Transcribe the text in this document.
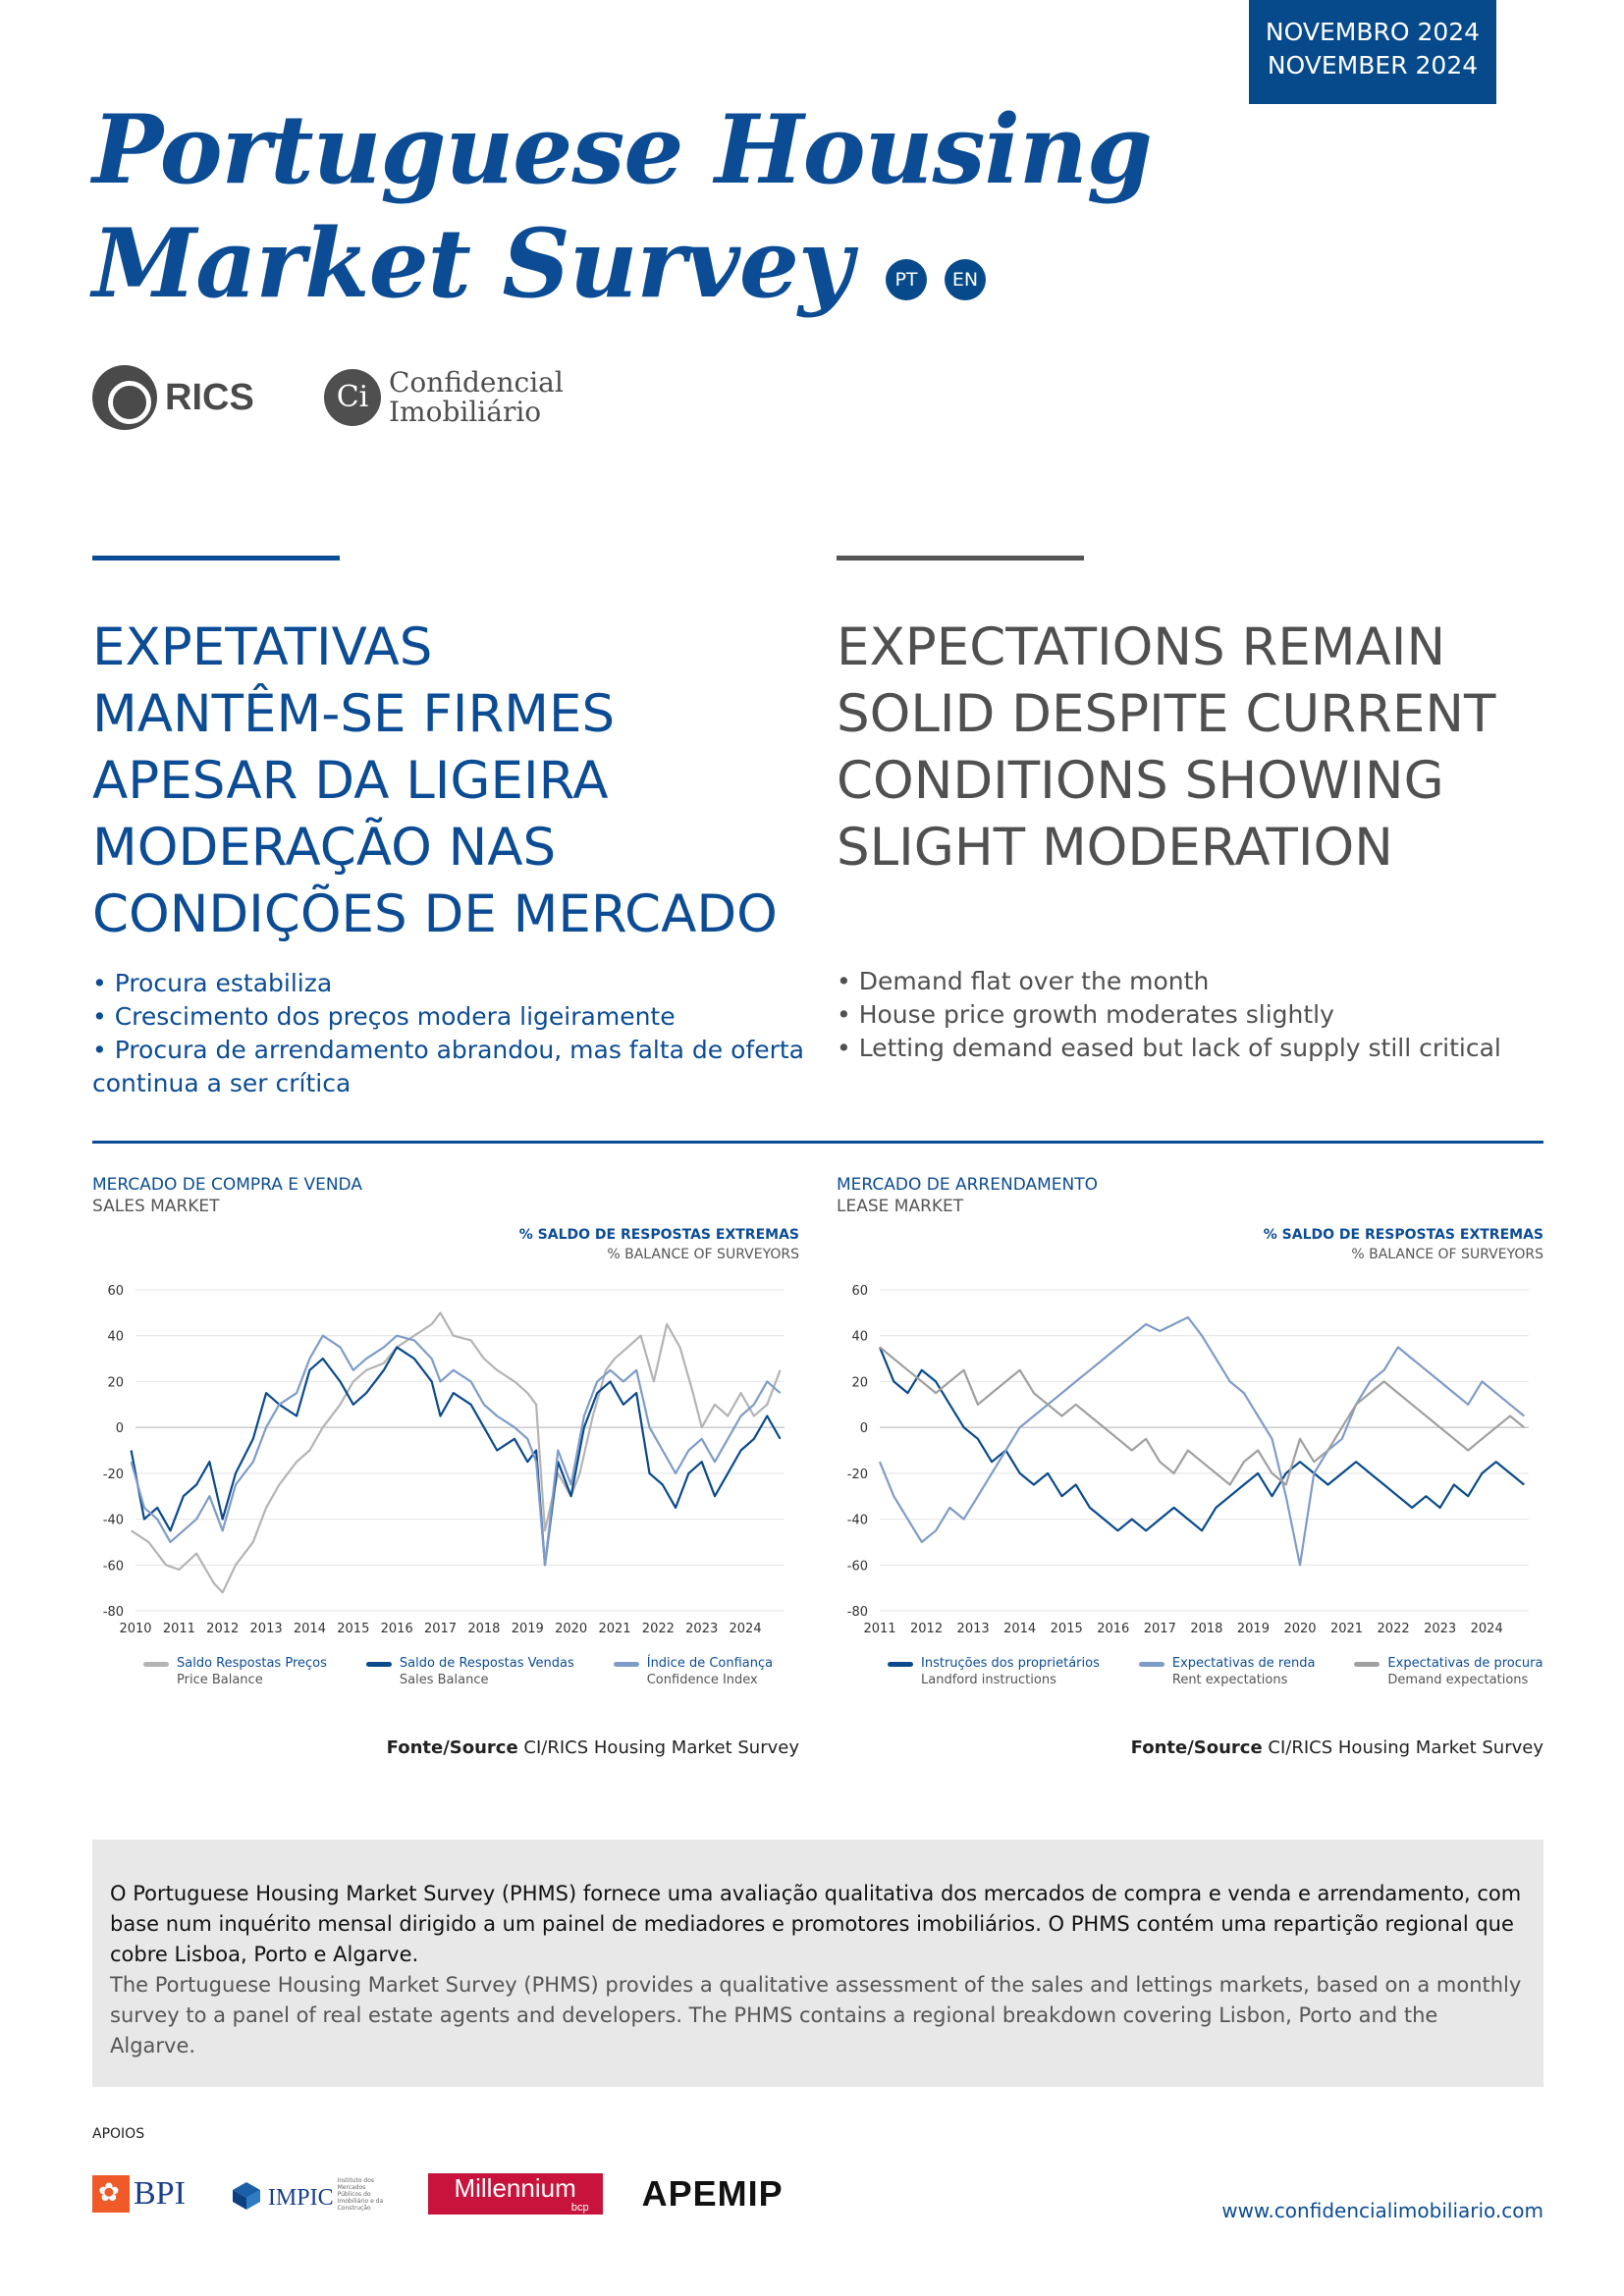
NOVEMBRO 2024
NOVEMBER 2024
Portuguese Housing
Market Survey	PT	EN
RICS	Ci Confidencial
Imobiliário
EXPETATIVAS
MANTÊM-SE FIRMES
APESAR DA LIGEIRA
MODERAÇÃO NAS
CONDIÇÕES DE MERCADO
EXPECTATIONS REMAIN
SOLID DESPITE CURRENT
CONDITIONS SHOWING
SLIGHT MODERATION
• Procura estabiliza
• Crescimento dos preços modera ligeiramente
• Procura de arrendamento abrandou, mas falta de oferta continua a ser crítica
• Demand flat over the month
• House price growth moderates slightly
• Letting demand eased but lack of supply still critical
MERCADO DE COMPRA E VENDA
SALES MARKET
% SALDO DE RESPOSTAS EXTREMAS
% BALANCE OF SURVEYORS
60
40
20
0
-20
-40
-60
-80
2010 2011 2012 2013 2014 2015 2016 2017 2018 2019 2020 2021 2022 2023 2024
Saldo Respostas Preços
Price Balance
Saldo de Respostas Vendas
Sales Balance
Índice de Confiança
Confidence Index
Fonte/Source CI/RICS Housing Market Survey
MERCADO DE ARRENDAMENTO
LEASE MARKET
% SALDO DE RESPOSTAS EXTREMAS
% BALANCE OF SURVEYORS
60
40
20
0
-20
-40
-60
-80
2011 2012 2013 2014 2015 2016 2017 2018 2019 2020 2021 2022 2023 2024
Instruções dos proprietários
Landford instructions
Expectativas de renda
Rent expectations
Expectativas de procura
Demand expectations
Fonte/Source CI/RICS Housing Market Survey
O Portuguese Housing Market Survey (PHMS) fornece uma avaliação qualitativa dos mercados de compra e venda e arrendamento, com base num inquérito mensal dirigido a um painel de mediadores e promotores imobiliários. O PHMS contém uma repartição regional que cobre Lisboa, Porto e Algarve.
The Portuguese Housing Market Survey (PHMS) provides a qualitative assessment of the sales and lettings markets, based on a monthly survey to a panel of real estate agents and developers. The PHMS contains a regional breakdown covering Lisbon, Porto and the Algarve.
APOIOS
✿
BPI	IMPIC
Instituto dos Mercados Públicos do Imobiliário e da Construção
Millennium
bcp	APEMIP	www.confidencialimobiliario.com
